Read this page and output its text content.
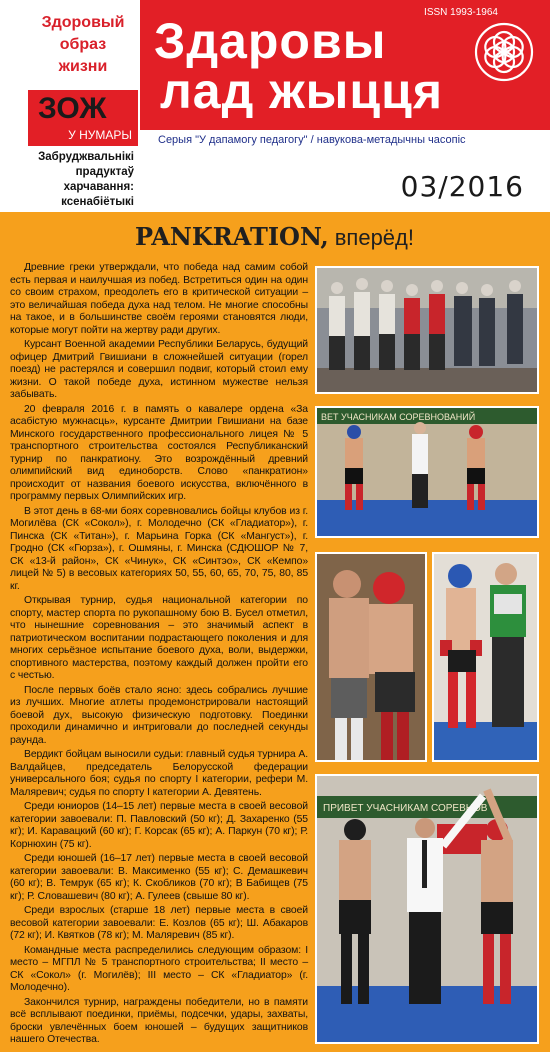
Здоровый
образ
жизни
ЗОЖ
У НУМАРЫ
Забруджвальнікі
прадуктаў
харчавання:
ксенабіётыкі
ISSN 1993-1964
Здаровы
лад жыцця
Серыя "У дапамогу педагогу" / навукова-метадычны часопіс
03/2016
PANKRATION, вперёд!

Древние греки утверждали, что победа над самим собой есть первая и наилучшая из побед. Встретиться один на один со своим страхом, преодолеть его в критической ситуации – это величайшая победа духа над телом. Не многие способны на такое, и в большинстве своём героями становятся люди, которые могут пойти на жертву ради других.

Курсант Военной академии Республики Беларусь, будущий офицер Дмитрий Гвишиани в сложнейшей ситуации (горел поезд) не растерялся и совершил подвиг, который стоил ему жизни. О такой победе духа, истинном мужестве нельзя забывать.

20 февраля 2016 г. в память о кавалере ордена «За асабістую мужнасць», курсанте Дмитрии Гвишиани на базе Минского государственного профессионального лицея № 5 транспортного строительства состоялся Республиканский турнир по панкратиону. Это возрождённый древний олимпийский вид единоборств. Слово «панкратион» происходит от названия боевого искусства, включённого в программу первых Олимпийских игр.

В этот день в 68-ми боях соревновались бойцы клубов из г. Могилёва (СК «Сокол»), г. Молодечно (СК «Гладиатор»), г. Пинска (СК «Титан»), г. Марьина Горка (СК «Мангуст»), г. Гродно (СК «Гюрза»), г. Ошмяны, г. Минска (СДЮШОР № 7, СК «13-й район», СК «Чинук», СК «Синтэо», СК «Кемпо» лицей № 5) в весовых категориях 50, 55, 60, 65, 70, 75, 80, 85 кг.

Открывая турнир, судья национальной категории по спорту, мастер спорта по рукопашному бою В. Бусел отметил, что нынешние соревнования – это значимый аспект в патриотическом воспитании подрастающего поколения и для многих серьёзное испытание боевого духа, воли, выдержки, спортивного мастерства, поэтому каждый должен пройти его с честью.

После первых боёв стало ясно: здесь собрались лучшие из лучших. Многие атлеты продемонстрировали настоящий боевой дух, высокую физическую подготовку. Поединки проходили динамично и интриговали до последней секунды раунда.

Вердикт бойцам выносили судьи: главный судья турнира А. Валдайцев, председатель Белорусской федерации универсального боя; судья по спорту I категории, рефери М. Маляревич; судья по спорту I категории А. Девятень.

Среди юниоров (14–15 лет) первые места в своей весовой категории завоевали: П. Павловский (50 кг); Д. Захаренко (55 кг); И. Каравацкий (60 кг); Г. Корсак (65 кг); А. Паркун (70 кг); Р. Корнюхин (75 кг).

Среди юношей (16–17 лет) первые места в своей весовой категории завоевали: В. Максименко (55 кг); С. Демашкевич (60 кг); В. Темрук (65 кг); К. Скобликов (70 кг); В Бабищев (75 кг); Р. Словашевич (80 кг); А. Гулеев (свыше 80 кг).

Среди взрослых (старше 18 лет) первые места в своей весовой категории завоевали: Е. Козлов (65 кг); Ш. Абакаров (72 кг); И. Квятков (78 кг); М. Маляревич (85 кг).

Командные места распределились следующим образом: I место – МГПЛ № 5 транспортного строительства; II место – СК «Сокол» (г. Могилёв); III место – СК «Гладиатор» (г. Молодечно).

Закончился турнир, награждены победители, но в памяти всё всплывают поединки, приёмы, подсечки, удары, захваты, броски увлечённых боем юношей – будущих защитников нашего Отечества.

ВЕТ УЧАСНИКАМ СОРЕВНОВАНИЙ
ПРИВЕТ УЧАСНИКАМ СОРЕВНОВ
